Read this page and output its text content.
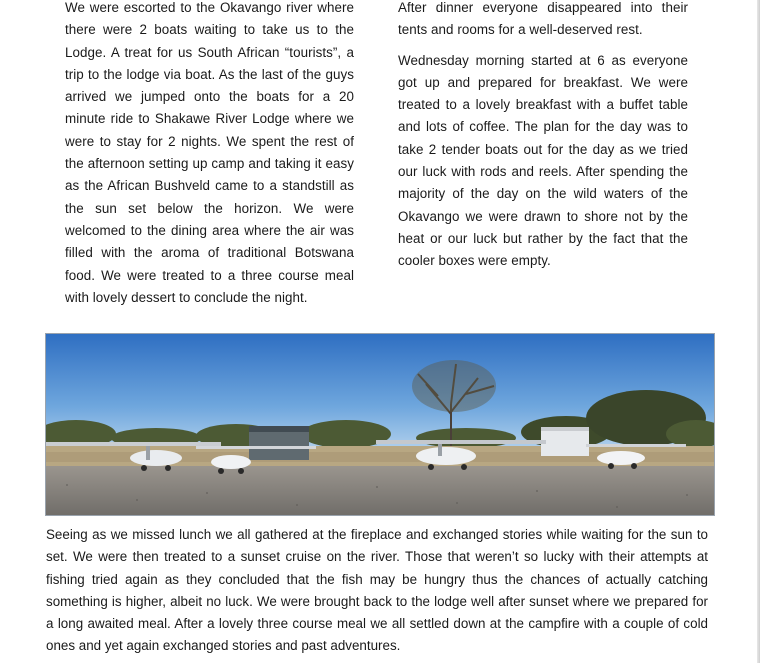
We were escorted to the Okavango river where there were 2 boats waiting to take us to the Lodge. A treat for us South African “tourists”, a trip to the lodge via boat. As the last of the guys arrived we jumped onto the boats for a 20 minute ride to Shakawe River Lodge where we were to stay for 2 nights. We spent the rest of the afternoon setting up camp and taking it easy as the African Bushveld came to a standstill as the sun set below the horizon. We were welcomed to the dining area where the air was filled with the aroma of traditional Botswana food. We were treated to a three course meal with lovely dessert to conclude the night.

After dinner everyone disappeared into their tents and rooms for a well-deserved rest.

Wednesday morning started at 6 as everyone got up and prepared for breakfast. We were treated to a lovely breakfast with a buffet table and lots of coffee. The plan for the day was to take 2 tender boats out for the day as we tried our luck with rods and reels. After spending the majority of the day on the wild waters of the Okavango we were drawn to shore not by the heat or our luck but rather by the fact that the cooler boxes were empty.

Seeing as we missed lunch we all gathered at the fireplace and exchanged stories while waiting for the sun to set. We were then treated to a sunset cruise on the river. Those that weren’t so lucky with their attempts at fishing tried again as they concluded that the fish may be hungry thus the chances of actually catching something is higher, albeit no luck. We were brought back to the lodge well after sunset where we prepared for a long awaited meal. After a lovely three course meal we all settled down at the campfire with a couple of cold ones and yet again exchanged stories and past adventures.
